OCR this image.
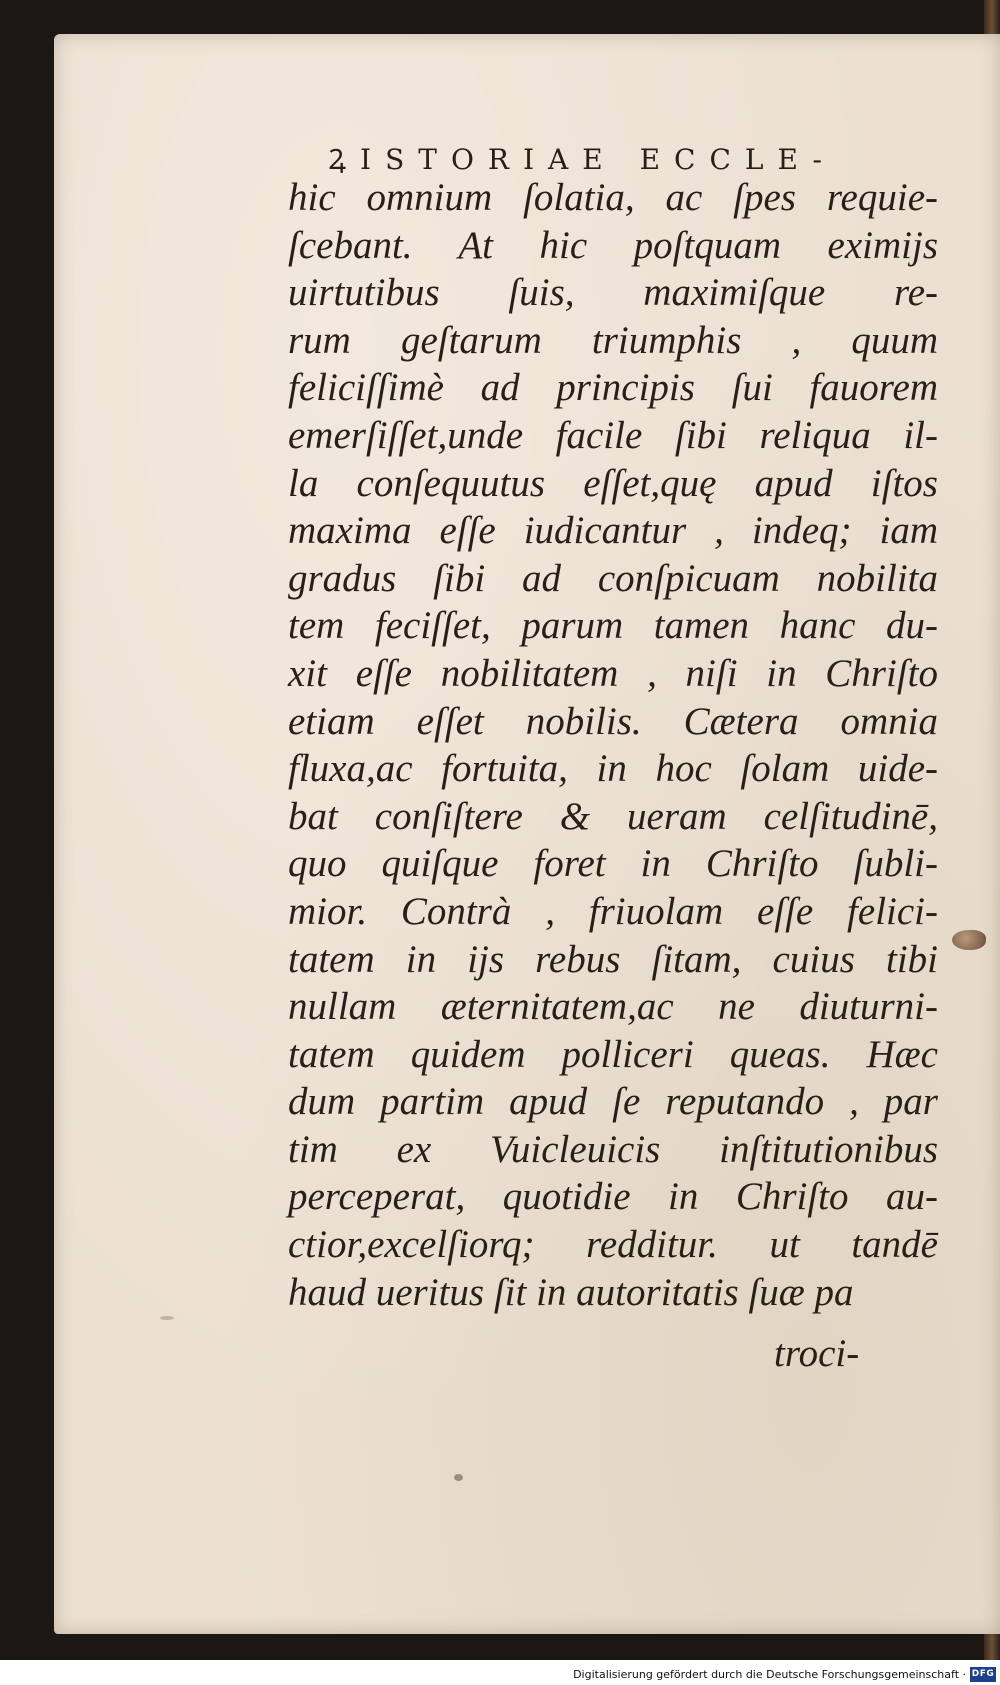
ꝜISTORIAE ECCLE-

hic omnium ſolatia, ac ſpes requie-
ſcebant. At hic poſtquam eximijs
uirtutibus ſuis, maximiſque re-
rum geſtarum triumphis , quum
feliciſſimè ad principis ſui fauorem
emerſiſſet,unde facile ſibi reliqua il-
la conſequutus eſſet,quę apud iſtos
maxima eſſe iudicantur , indeq; iam
gradus ſibi ad conſpicuam nobilita
tem feciſſet, parum tamen hanc du-
xit eſſe nobilitatem , niſi in Chriſto
etiam eſſet nobilis. Cæterа omnia
fluxa,ac fortuita, in hoc ſolam uide-
bat conſiſtere & ueram celſitudinē,
quo quiſque foret in Chriſto ſubli-
mior. Contrà , friuolam eſſe felici-
tatem in ijs rebus ſitam, cuius tibi
nullam æternitatem,ac ne diuturni-
tatem quidem polliceri queas. Hæc
dum partim apud ſe reputando , par
tim ex Vuicleuicis inſtitutionibus
perceperat, quotidie in Chriſto au-
ctior,excelſiorq; redditur. ut tandē
haud ueritus ſit in autoritatis ſuæ pa

troci-

Digitalisierung gefördert durch die Deutsche Forschungsgemeinschaft · DFG
